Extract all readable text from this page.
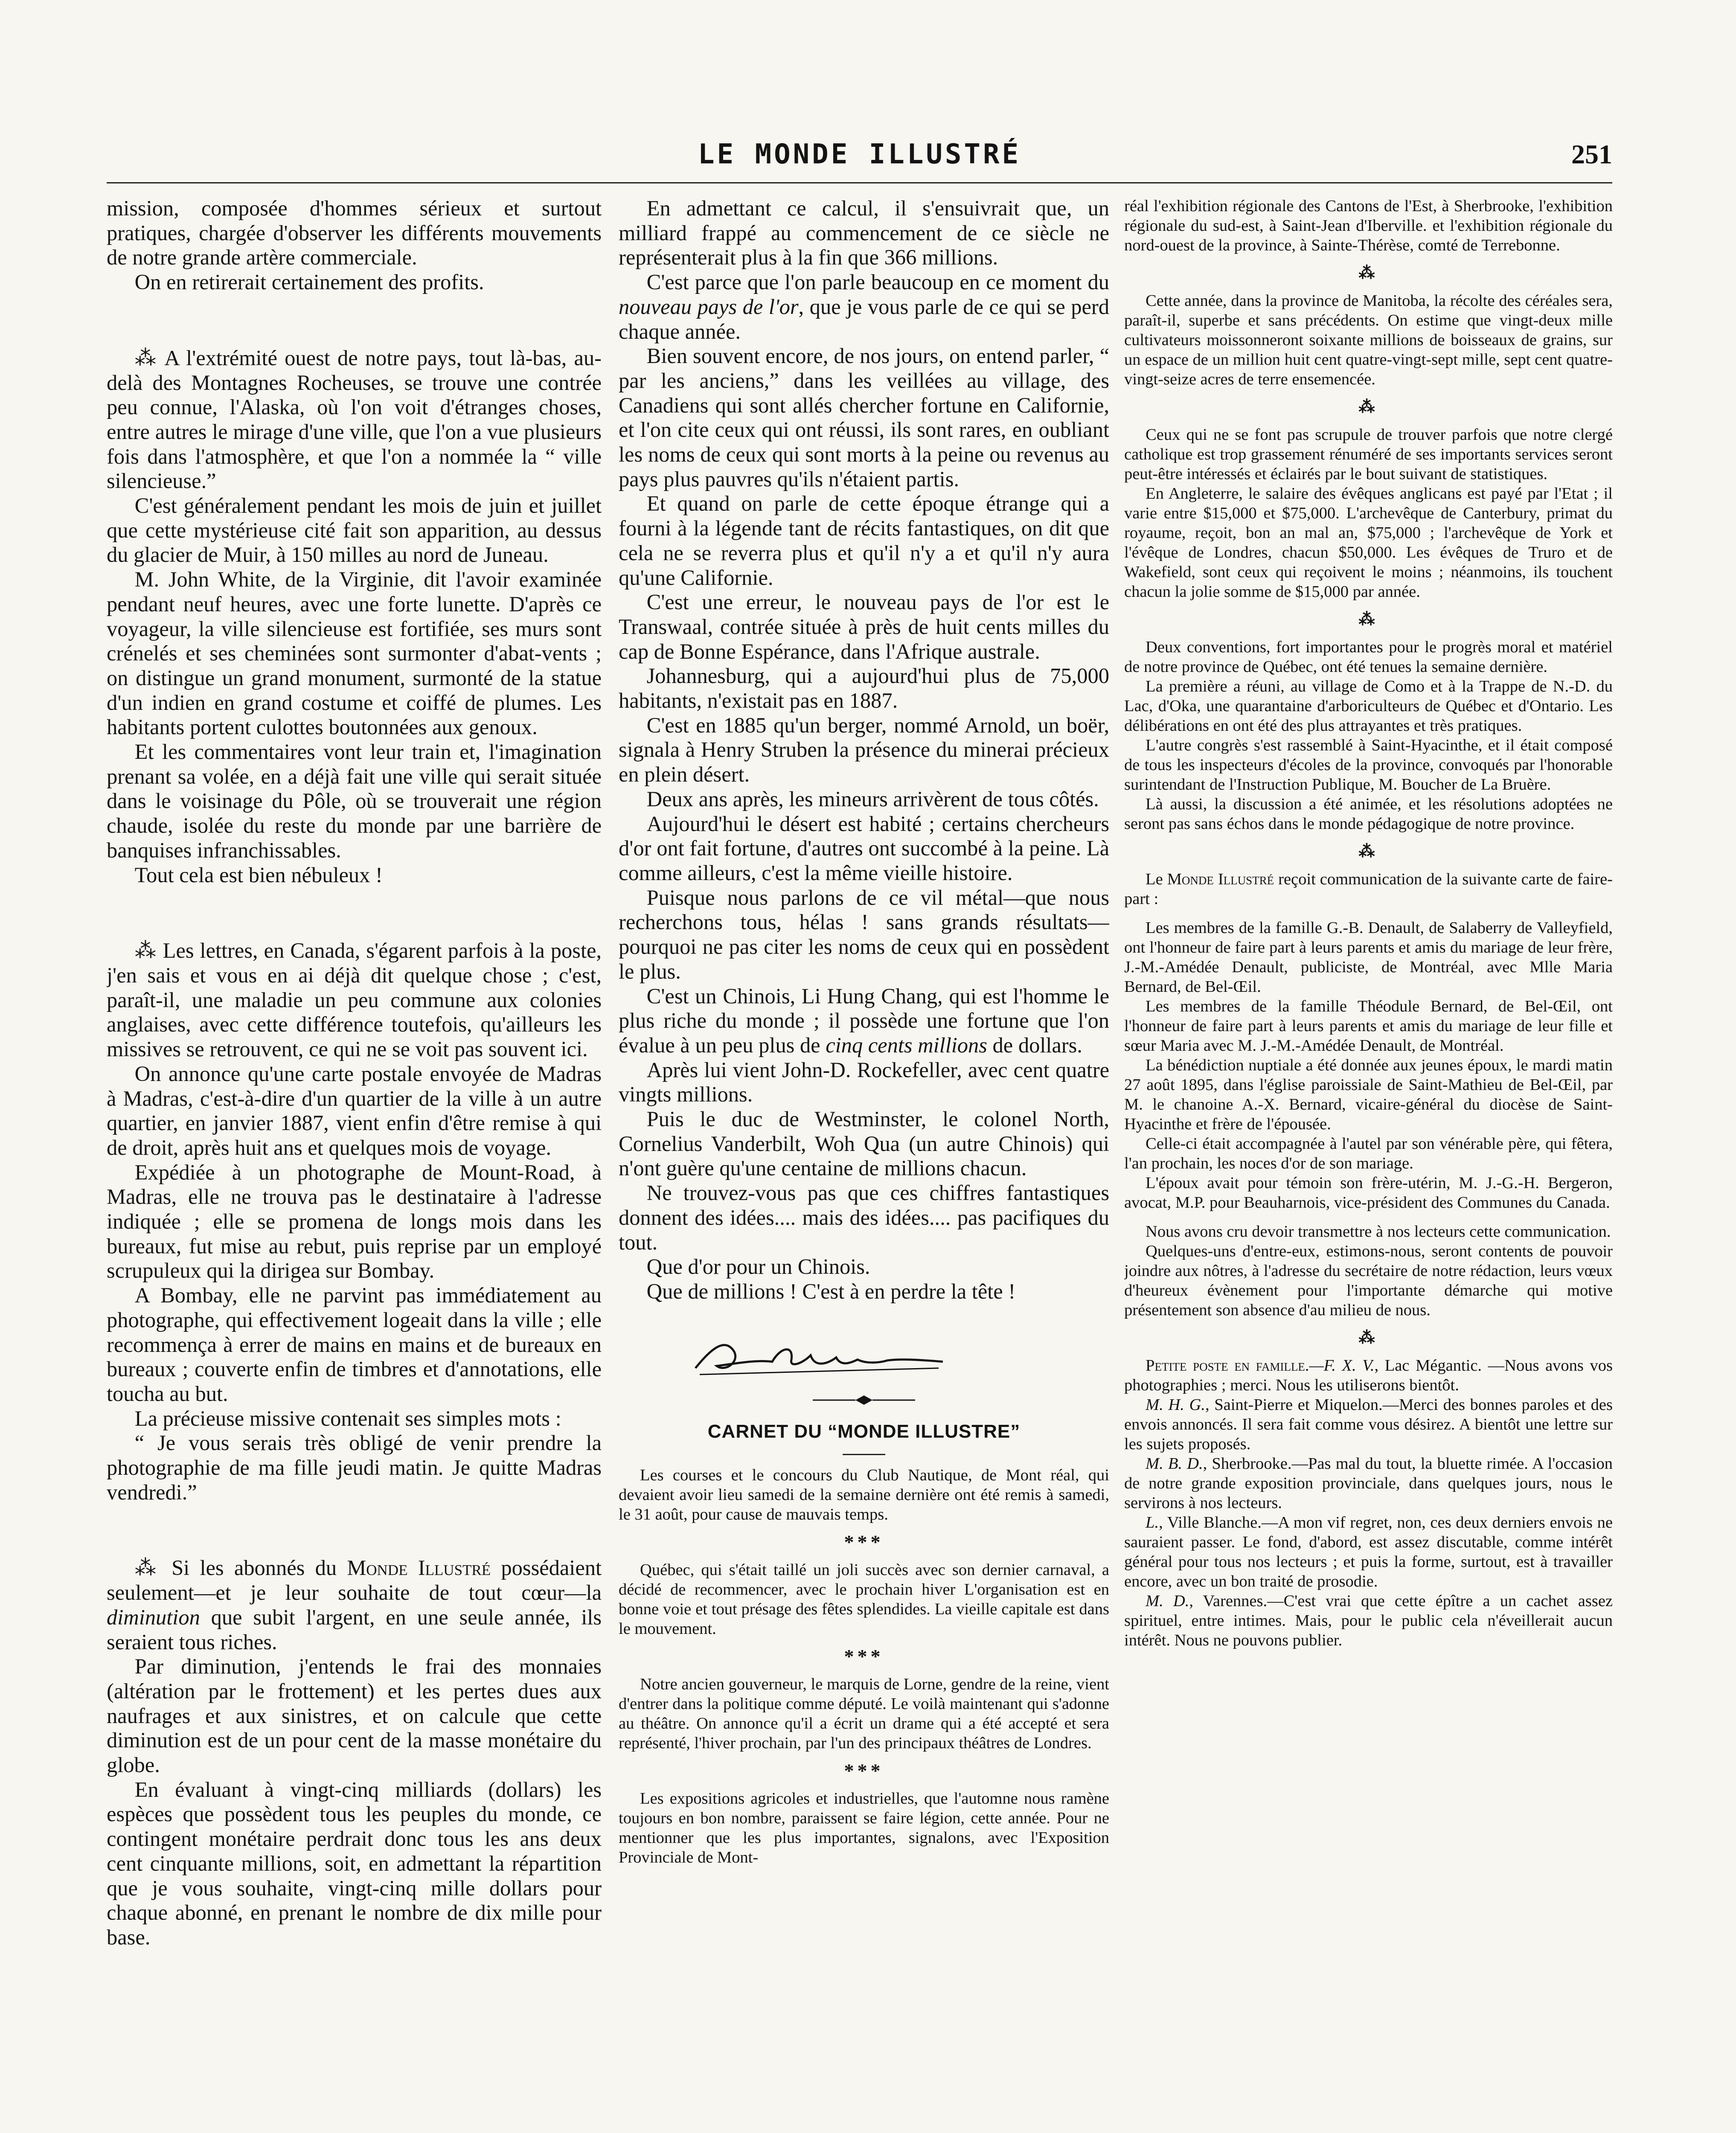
LE MONDE ILLUSTRÉ	251

mission, composée d'hommes sérieux et surtout pratiques, chargée d'observer les différents mouvements de notre grande artère commerciale.

On en retirerait certainement des profits.

⁂ A l'extrémité ouest de notre pays, tout là-bas, au-delà des Montagnes Rocheuses, se trouve une contrée peu connue, l'Alaska, où l'on voit d'étranges choses, entre autres le mirage d'une ville, que l'on a vue plusieurs fois dans l'atmosphère, et que l'on a nommée la “ ville silencieuse.”

C'est généralement pendant les mois de juin et juillet que cette mystérieuse cité fait son apparition, au dessus du glacier de Muir, à 150 milles au nord de Juneau.

M. John White, de la Virginie, dit l'avoir examinée pendant neuf heures, avec une forte lunette. D'après ce voyageur, la ville silencieuse est fortifiée, ses murs sont crénelés et ses cheminées sont surmonter d'abat-vents ; on distingue un grand monument, surmonté de la statue d'un indien en grand costume et coiffé de plumes. Les habitants portent culottes boutonnées aux genoux.

Et les commentaires vont leur train et, l'imagination prenant sa volée, en a déjà fait une ville qui serait située dans le voisinage du Pôle, où se trouverait une région chaude, isolée du reste du monde par une barrière de banquises infranchissables.

Tout cela est bien nébuleux !

⁂ Les lettres, en Canada, s'égarent parfois à la poste, j'en sais et vous en ai déjà dit quelque chose ; c'est, paraît-il, une maladie un peu commune aux colonies anglaises, avec cette différence toutefois, qu'ailleurs les missives se retrouvent, ce qui ne se voit pas souvent ici.

On annonce qu'une carte postale envoyée de Madras à Madras, c'est-à-dire d'un quartier de la ville à un autre quartier, en janvier 1887, vient enfin d'être remise à qui de droit, après huit ans et quelques mois de voyage.

Expédiée à un photographe de Mount-Road, à Madras, elle ne trouva pas le destinataire à l'adresse indiquée ; elle se promena de longs mois dans les bureaux, fut mise au rebut, puis reprise par un employé scrupuleux qui la dirigea sur Bombay.

A Bombay, elle ne parvint pas immédiatement au photographe, qui effectivement logeait dans la ville ; elle recommença à errer de mains en mains et de bureaux en bureaux ; couverte enfin de timbres et d'annotations, elle toucha au but.

La précieuse missive contenait ses simples mots :

“ Je vous serais très obligé de venir prendre la photographie de ma fille jeudi matin. Je quitte Madras vendredi.”

⁂ Si les abonnés du Monde Illustré possédaient seulement—et je leur souhaite de tout cœur—la diminution que subit l'argent, en une seule année, ils seraient tous riches.

Par diminution, j'entends le frai des monnaies (altération par le frottement) et les pertes dues aux naufrages et aux sinistres, et on calcule que cette diminution est de un pour cent de la masse monétaire du globe.

En évaluant à vingt-cinq milliards (dollars) les espèces que possèdent tous les peuples du monde, ce contingent monétaire perdrait donc tous les ans deux cent cinquante millions, soit, en admettant la répartition que je vous souhaite, vingt-cinq mille dollars pour chaque abonné, en prenant le nombre de dix mille pour base.

En admettant ce calcul, il s'ensuivrait que, un milliard frappé au commencement de ce siècle ne représenterait plus à la fin que 366 millions.

C'est parce que l'on parle beaucoup en ce moment du nouveau pays de l'or, que je vous parle de ce qui se perd chaque année.

Bien souvent encore, de nos jours, on entend parler, “ par les anciens,” dans les veillées au village, des Canadiens qui sont allés chercher fortune en Californie, et l'on cite ceux qui ont réussi, ils sont rares, en oubliant les noms de ceux qui sont morts à la peine ou revenus au pays plus pauvres qu'ils n'étaient partis.

Et quand on parle de cette époque étrange qui a fourni à la légende tant de récits fantastiques, on dit que cela ne se reverra plus et qu'il n'y a et qu'il n'y aura qu'une Californie.

C'est une erreur, le nouveau pays de l'or est le Transwaal, contrée située à près de huit cents milles du cap de Bonne Espérance, dans l'Afrique australe.

Johannesburg, qui a aujourd'hui plus de 75,000 habitants, n'existait pas en 1887.

C'est en 1885 qu'un berger, nommé Arnold, un boër, signala à Henry Struben la présence du minerai précieux en plein désert.

Deux ans après, les mineurs arrivèrent de tous côtés.

Aujourd'hui le désert est habité ; certains chercheurs d'or ont fait fortune, d'autres ont succombé à la peine. Là comme ailleurs, c'est la même vieille histoire.

Puisque nous parlons de ce vil métal—que nous recherchons tous, hélas ! sans grands résultats—pourquoi ne pas citer les noms de ceux qui en possèdent le plus.

C'est un Chinois, Li Hung Chang, qui est l'homme le plus riche du monde ; il possède une fortune que l'on évalue à un peu plus de cinq cents millions de dollars.

Après lui vient John-D. Rockefeller, avec cent quatre vingts millions.

Puis le duc de Westminster, le colonel North, Cornelius Vanderbilt, Woh Qua (un autre Chinois) qui n'ont guère qu'une centaine de millions chacun.

Ne trouvez-vous pas que ces chiffres fantastiques donnent des idées.... mais des idées.... pas pacifiques du tout.

Que d'or pour un Chinois.

Que de millions ! C'est à en perdre la tête !

CARNET DU “MONDE ILLUSTRE”

Les courses et le concours du Club Nautique, de Mont réal, qui devaient avoir lieu samedi de la semaine dernière ont été remis à samedi, le 31 août, pour cause de mauvais temps.

***

Québec, qui s'était taillé un joli succès avec son dernier carnaval, a décidé de recommencer, avec le prochain hiver L'organisation est en bonne voie et tout présage des fêtes splendides. La vieille capitale est dans le mouvement.

***

Notre ancien gouverneur, le marquis de Lorne, gendre de la reine, vient d'entrer dans la politique comme député. Le voilà maintenant qui s'adonne au théâtre. On annonce qu'il a écrit un drame qui a été accepté et sera représenté, l'hiver prochain, par l'un des principaux théâtres de Londres.

***

Les expositions agricoles et industrielles, que l'automne nous ramène toujours en bon nombre, paraissent se faire légion, cette année. Pour ne mentionner que les plus importantes, signalons, avec l'Exposition Provinciale de Mont-

réal l'exhibition régionale des Cantons de l'Est, à Sherbrooke, l'exhibition régionale du sud-est, à Saint-Jean d'Iberville. et l'exhibition régionale du nord-ouest de la province, à Sainte-Thérèse, comté de Terrebonne.

⁂

Cette année, dans la province de Manitoba, la récolte des céréales sera, paraît-il, superbe et sans précédents. On estime que vingt-deux mille cultivateurs moissonneront soixante millions de boisseaux de grains, sur un espace de un million huit cent quatre-vingt-sept mille, sept cent quatre-vingt-seize acres de terre ensemencée.

⁂

Ceux qui ne se font pas scrupule de trouver parfois que notre clergé catholique est trop grassement rénuméré de ses importants services seront peut-être intéressés et éclairés par le bout suivant de statistiques.

En Angleterre, le salaire des évêques anglicans est payé par l'Etat ; il varie entre $15,000 et $75,000. L'archevêque de Canterbury, primat du royaume, reçoit, bon an mal an, $75,000 ; l'archevêque de York et l'évêque de Londres, chacun $50,000. Les évêques de Truro et de Wakefield, sont ceux qui reçoivent le moins ; néanmoins, ils touchent chacun la jolie somme de $15,000 par année.

⁂

Deux conventions, fort importantes pour le progrès moral et matériel de notre province de Québec, ont été tenues la semaine dernière.

La première a réuni, au village de Como et à la Trappe de N.-D. du Lac, d'Oka, une quarantaine d'arboriculteurs de Québec et d'Ontario. Les délibérations en ont été des plus attrayantes et très pratiques.

L'autre congrès s'est rassemblé à Saint-Hyacinthe, et il était composé de tous les inspecteurs d'écoles de la province, convoqués par l'honorable surintendant de l'Instruction Publique, M. Boucher de La Bruère.

Là aussi, la discussion a été animée, et les résolutions adoptées ne seront pas sans échos dans le monde pédagogique de notre province.

⁂

Le Monde Illustré reçoit communication de la suivante carte de faire-part :

Les membres de la famille G.-B. Denault, de Salaberry de Valleyfield, ont l'honneur de faire part à leurs parents et amis du mariage de leur frère, J.-M.-Amédée Denault, publiciste, de Montréal, avec Mlle Maria Bernard, de Bel-Œil.

Les membres de la famille Théodule Bernard, de Bel-Œil, ont l'honneur de faire part à leurs parents et amis du mariage de leur fille et sœur Maria avec M. J.-M.-Amédée Denault, de Montréal.

La bénédiction nuptiale a été donnée aux jeunes époux, le mardi matin 27 août 1895, dans l'église paroissiale de Saint-Mathieu de Bel-Œil, par M. le chanoine A.-X. Bernard, vicaire-général du diocèse de Saint-Hyacinthe et frère de l'épousée.

Celle-ci était accompagnée à l'autel par son vénérable père, qui fêtera, l'an prochain, les noces d'or de son mariage.

L'époux avait pour témoin son frère-utérin, M. J.-G.-H. Bergeron, avocat, M.P. pour Beauharnois, vice-président des Communes du Canada.

Nous avons cru devoir transmettre à nos lecteurs cette communication.

Quelques-uns d'entre-eux, estimons-nous, seront contents de pouvoir joindre aux nôtres, à l'adresse du secrétaire de notre rédaction, leurs vœux d'heureux évènement pour l'importante démarche qui motive présentement son absence d'au milieu de nous.

⁂

Petite poste en famille.—F. X. V., Lac Mégantic. —Nous avons vos photographies ; merci. Nous les utiliserons bientôt.

M. H. G., Saint-Pierre et Miquelon.—Merci des bonnes paroles et des envois annoncés. Il sera fait comme vous désirez. A bientôt une lettre sur les sujets proposés.

M. B. D., Sherbrooke.—Pas mal du tout, la bluette rimée. A l'occasion de notre grande exposition provinciale, dans quelques jours, nous le servirons à nos lecteurs.

L., Ville Blanche.—A mon vif regret, non, ces deux derniers envois ne sauraient passer. Le fond, d'abord, est assez discutable, comme intérêt général pour tous nos lecteurs ; et puis la forme, surtout, est à travailler encore, avec un bon traité de prosodie.

M. D., Varennes.—C'est vrai que cette épître a un cachet assez spirituel, entre intimes. Mais, pour le public cela n'éveillerait aucun intérêt. Nous ne pouvons publier.
